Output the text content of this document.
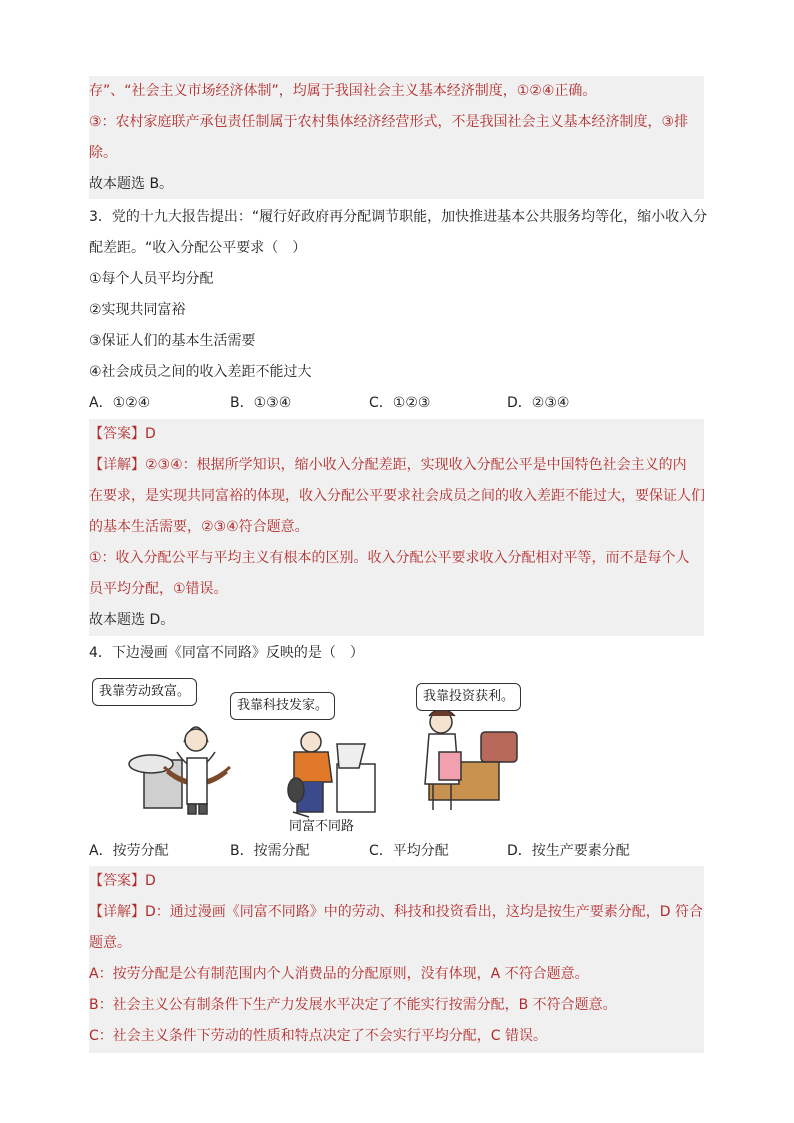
存”、“社会主义市场经济体制”，均属于我国社会主义基本经济制度，①②④正确。
③：农村家庭联产承包责任制属于农村集体经济经营形式，不是我国社会主义基本经济制度，③排
除。
故本题选 B。
3．党的十九大报告提出：“履行好政府再分配调节职能，加快推进基本公共服务均等化，缩小收入分
配差距。“收入分配公平要求（　）
①每个人员平均分配
②实现共同富裕
③保证人们的基本生活需要
④社会成员之间的收入差距不能过大
A．①②④	B．①③④	C．①②③	D．②③④
【答案】D
【详解】②③④：根据所学知识，缩小收入分配差距，实现收入分配公平是中国特色社会主义的内
在要求，是实现共同富裕的体现，收入分配公平要求社会成员之间的收入差距不能过大，要保证人们
的基本生活需要，②③④符合题意。
①：收入分配公平与平均主义有根本的区别。收入分配公平要求收入分配相对平等，而不是每个人
员平均分配，①错误。
故本题选 D。
4．下边漫画《同富不同路》反映的是（　）
我靠劳动致富。
我靠科技发家。
我靠投资获利。
同富不同路
A．按劳分配	B．按需分配	C．平均分配	D．按生产要素分配
【答案】D
【详解】D：通过漫画《同富不同路》中的劳动、科技和投资看出，这均是按生产要素分配，D 符合
题意。
A：按劳分配是公有制范围内个人消费品的分配原则，没有体现，A 不符合题意。
B：社会主义公有制条件下生产力发展水平决定了不能实行按需分配，B 不符合题意。
C：社会主义条件下劳动的性质和特点决定了不会实行平均分配，C 错误。
